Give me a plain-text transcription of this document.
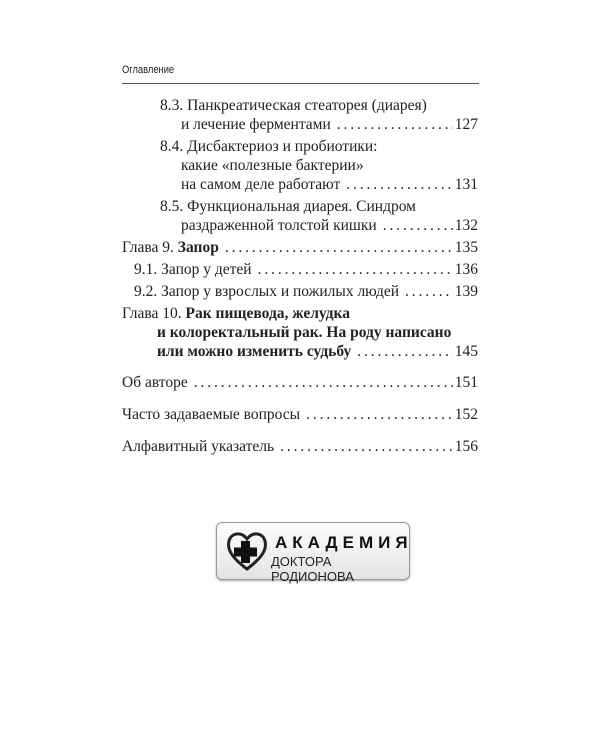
Оглавление
8.3. Панкреатическая стеаторея (диарея)
и лечение ферментами . . .	127
8.4. Дисбактериоз и пробиотики:
какие «полезные бактерии»
на самом деле работают . . .	131
8.5. Функциональная диарея. Синдром
раздраженной толстой кишки . . .	132
Глава 9. Запор . . .	135
9.1. Запор у детей . . .	136
9.2. Запор у взрослых и пожилых людей . . .	139
Глава 10. Рак пищевода, желудка
и колоректальный рак. На роду написано
или можно изменить судьбу . . .	145
Об авторе . . .	151
Часто задаваемые вопросы . . .	152
Алфавитный указатель . . .	156
АКАДЕМИЯ
ДОКТОРА РОДИОНОВА
